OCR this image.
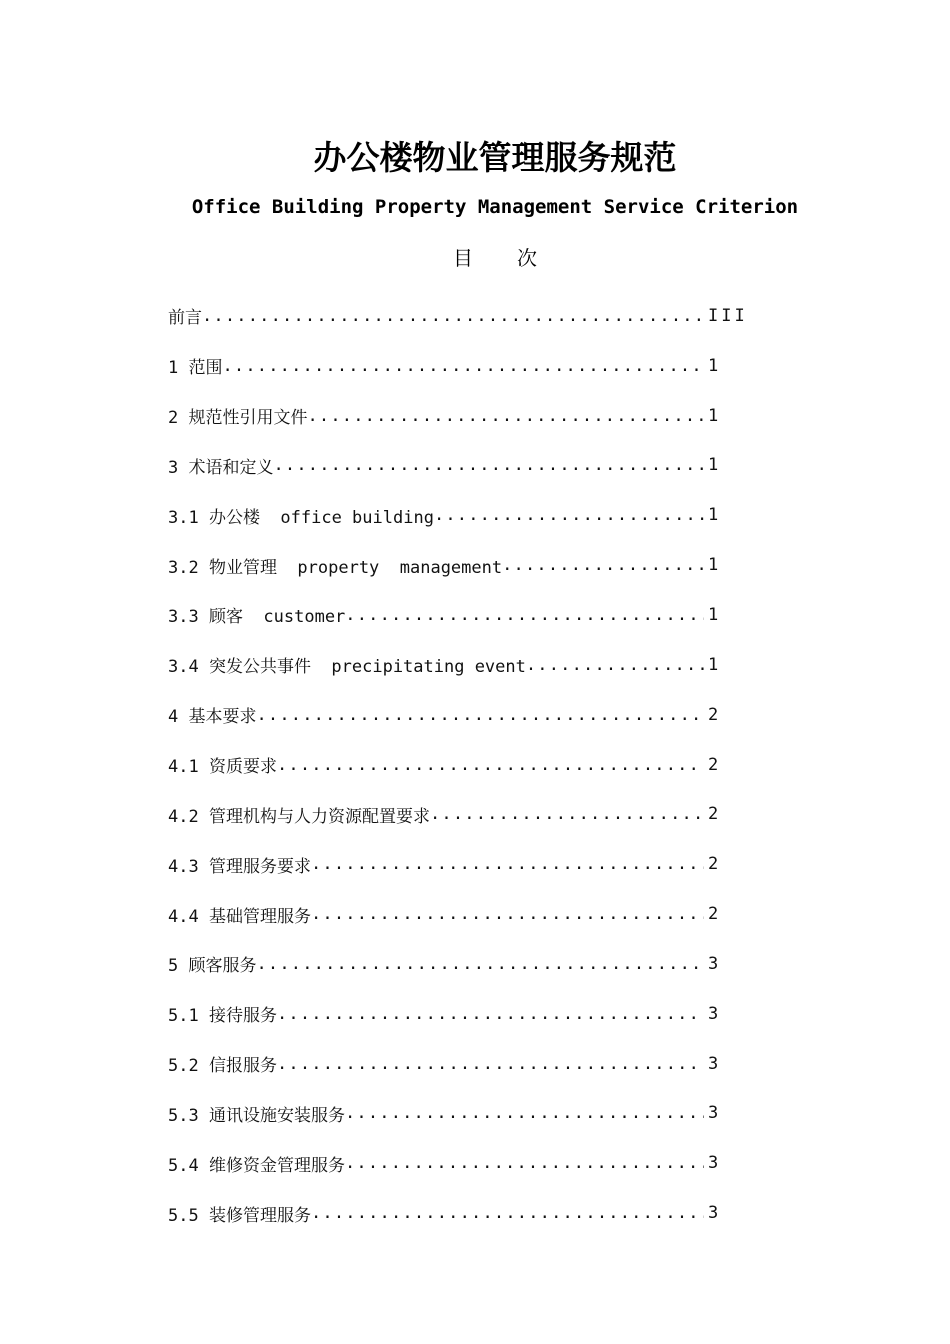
办公楼物业管理服务规范
Office Building Property Management Service Criterion
目次
前言 .....	III
1 范围 .....	1
2 规范性引用文件 .....	1
3 术语和定义 .....	1
3.1 办公楼  office building .....	1
3.2 物业管理  property  management .....	1
3.3 顾客  customer .....	1
3.4 突发公共事件  precipitating event .....	1
4 基本要求 .....	2
4.1 资质要求 .....	2
4.2 管理机构与人力资源配置要求 .....	2
4.3 管理服务要求 .....	2
4.4 基础管理服务 .....	2
5 顾客服务 .....	3
5.1 接待服务 .....	3
5.2 信报服务 .....	3
5.3 通讯设施安装服务 .....	3
5.4 维修资金管理服务 .....	3
5.5 装修管理服务 .....	3
